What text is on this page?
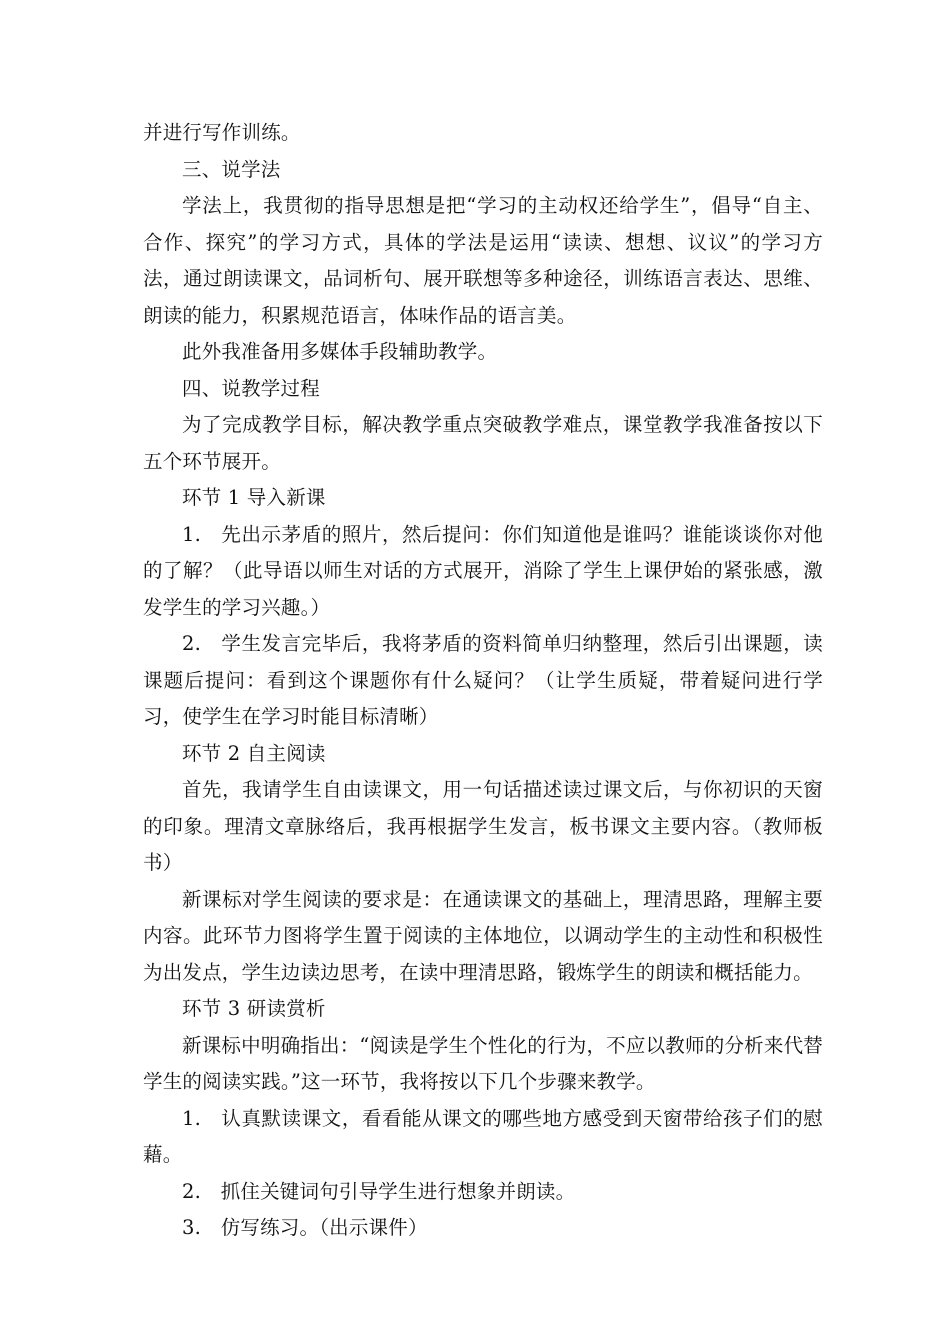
并进行写作训练。

三、说学法

学法上，我贯彻的指导思想是把“学习的主动权还给学生”，倡导“自主、合作、探究”的学习方式，具体的学法是运用“读读、想想、议议”的学习方法，通过朗读课文，品词析句、展开联想等多种途径，训练语言表达、思维、朗读的能力，积累规范语言，体味作品的语言美。

此外我准备用多媒体手段辅助教学。

四、说教学过程

为了完成教学目标，解决教学重点突破教学难点，课堂教学我准备按以下五个环节展开。

环节 1 导入新课

1.　先出示茅盾的照片，然后提问：你们知道他是谁吗？谁能谈谈你对他的了解？（此导语以师生对话的方式展开，消除了学生上课伊始的紧张感，激发学生的学习兴趣。）

2.　学生发言完毕后，我将茅盾的资料简单归纳整理，然后引出课题，读课题后提问：看到这个课题你有什么疑问？（让学生质疑，带着疑问进行学习，使学生在学习时能目标清晰）

环节 2 自主阅读

首先，我请学生自由读课文，用一句话描述读过课文后，与你初识的天窗的印象。理清文章脉络后，我再根据学生发言，板书课文主要内容。（教师板书）

新课标对学生阅读的要求是：在通读课文的基础上，理清思路，理解主要内容。此环节力图将学生置于阅读的主体地位，以调动学生的主动性和积极性为出发点，学生边读边思考，在读中理清思路，锻炼学生的朗读和概括能力。

环节 3 研读赏析

新课标中明确指出：“阅读是学生个性化的行为，不应以教师的分析来代替学生的阅读实践。”这一环节，我将按以下几个步骤来教学。

1.　认真默读课文，看看能从课文的哪些地方感受到天窗带给孩子们的慰藉。

2.　抓住关键词句引导学生进行想象并朗读。

3.　仿写练习。（出示课件）
